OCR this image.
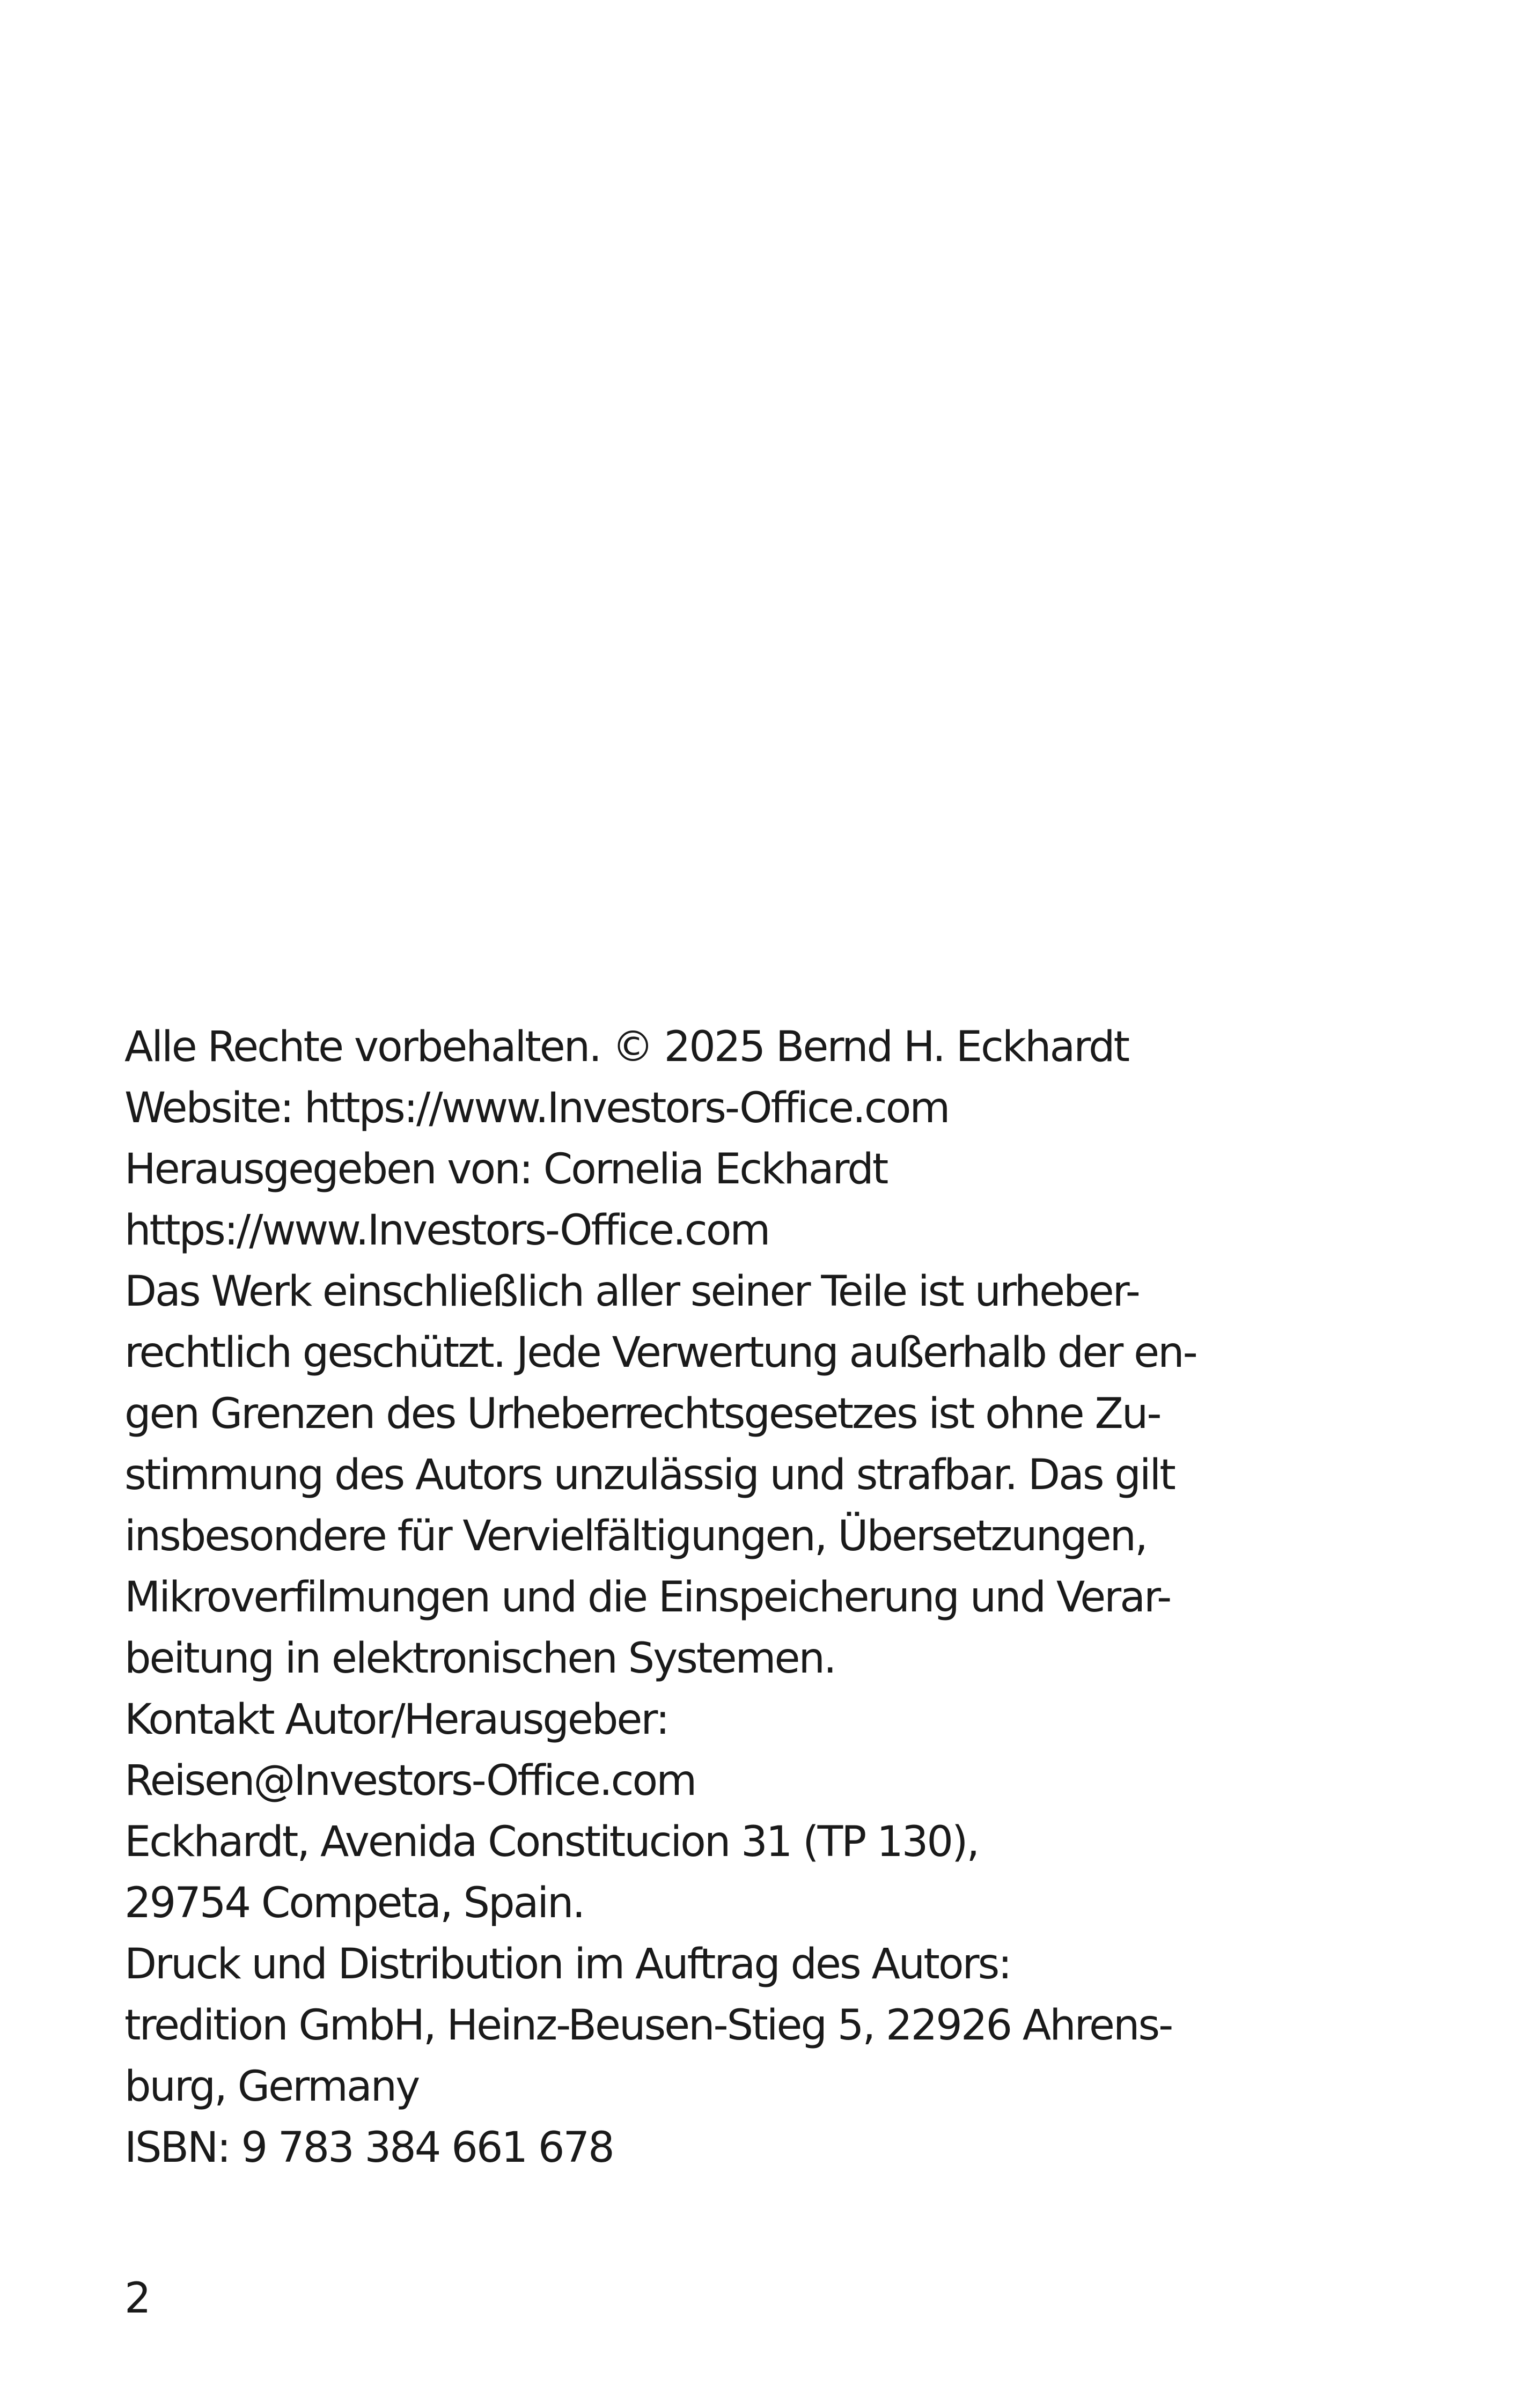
Alle Rechte vorbehalten. © 2025 Bernd H. Eckhardt
Website: https://www.Investors-Office.com
Herausgegeben von: Cornelia Eckhardt
https://www.Investors-Office.com
Das Werk einschließlich aller seiner Teile ist urheber-
rechtlich geschützt. Jede Verwertung außerhalb der en-
gen Grenzen des Urheberrechtsgesetzes ist ohne Zu-
stimmung des Autors unzulässig und strafbar. Das gilt
insbesondere für Vervielfältigungen, Übersetzungen,
Mikroverfilmungen und die Einspeicherung und Verar-
beitung in elektronischen Systemen.
Kontakt Autor/Herausgeber:
Reisen@Investors-Office.com
Eckhardt, Avenida Constitucion 31 (TP 130),
29754 Competa, Spain.
Druck und Distribution im Auftrag des Autors:
tredition GmbH, Heinz-Beusen-Stieg 5, 22926 Ahrens-
burg, Germany
ISBN: 9 783 384 661 678
2
